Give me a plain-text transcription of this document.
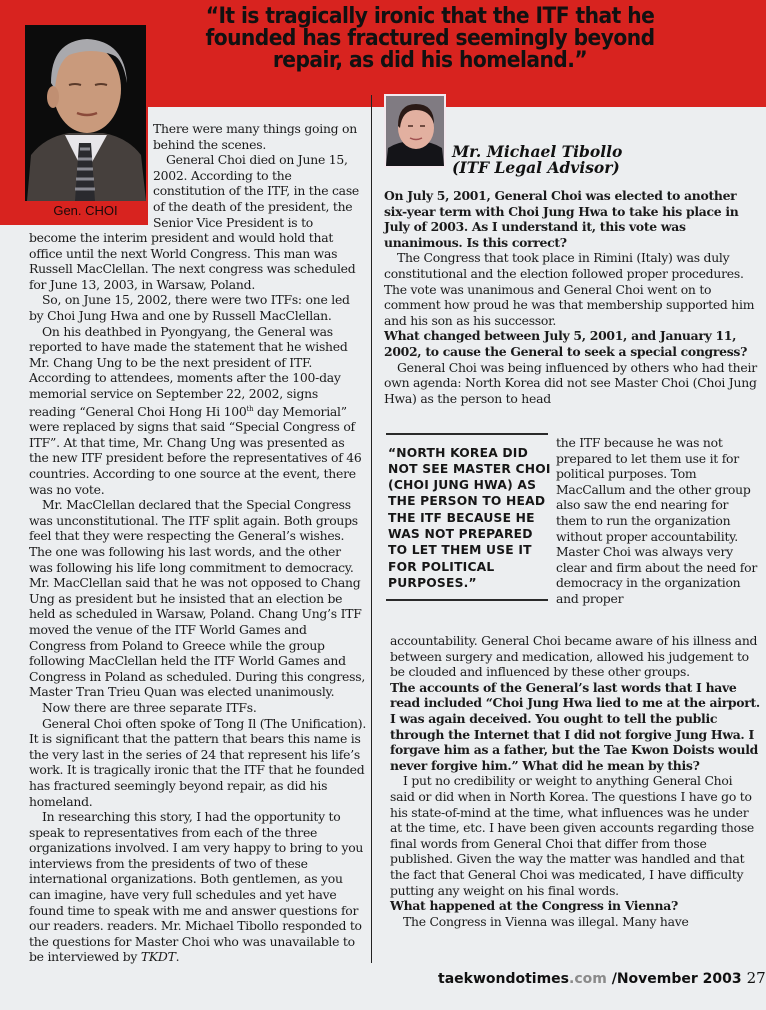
“It is tragically ironic that the ITF that he founded has fractured seemingly beyond repair, as did his homeland.”
Gen. CHOI
Mr. Michael Tibollo
(ITF Legal Advisor)

There were many things going on behind the scenes.

General Choi died on June 15, 2002. According to the constitution of the ITF, in the case of the death of the president, the Senior Vice President is to

become the interim president and would hold that office until the next World Congress. This man was Russell MacClellan. The next congress was scheduled for June 13, 2003, in Warsaw, Poland.

So, on June 15, 2002, there were two ITFs: one led by Choi Jung Hwa and one by Russell MacClellan.

On his deathbed in Pyongyang, the General was reported to have made the statement that he wished Mr. Chang Ung to be the next president of ITF. According to attendees, moments after the 100-day memorial service on September 22, 2002, signs reading “General Choi Hong Hi 100th day Memorial” were replaced by signs that said “Special Congress of ITF”. At that time, Mr. Chang Ung was presented as the new ITF president before the representatives of 46 countries. According to one source at the event, there was no vote.

Mr. MacClellan declared that the Special Congress was unconstitutional. The ITF split again. Both groups feel that they were respecting the General’s wishes. The one was following his last words, and the other was following his life long commitment to democracy. Mr. MacClellan said that he was not opposed to Chang Ung as president but he insisted that an election be held as scheduled in Warsaw, Poland. Chang Ung’s ITF moved the venue of the ITF World Games and Congress from Poland to Greece while the group following MacClellan held the ITF World Games and Congress in Poland as scheduled. During this congress, Master Tran Trieu Quan was elected unanimously.

Now there are three separate ITFs.

General Choi often spoke of Tong Il (The Unification). It is significant that the pattern that bears this name is the very last in the series of 24 that represent his life’s work. It is tragically ironic that the ITF that he founded has fractured seemingly beyond repair, as did his homeland.

In researching this story, I had the opportunity to speak to representatives from each of the three organizations involved. I am very happy to bring to you interviews from the presidents of two of these international organizations. Both gentlemen, as you can imagine, have very full schedules and yet have found time to speak with me and answer questions for our readers. readers. Mr. Michael Tibollo responded to the questions for Master Choi who was unavailable to be interviewed by TKDT.

On July 5, 2001, General Choi was elected to another six-year term with Choi Jung Hwa to take his place in July of 2003. As I understand it, this vote was unanimous. Is this correct?

The Congress that took place in Rimini (Italy) was duly constitutional and the election followed proper procedures. The vote was unanimous and General Choi went on to comment how proud he was that membership supported him and his son as his successor.

What changed between July 5, 2001, and January 11, 2002, to cause the General to seek a special congress?

General Choi was being influenced by others who had their own agenda: North Korea did not see Master Choi (Choi Jung Hwa) as the person to head

“NORTH KOREA DID NOT SEE MASTER CHOI (CHOI JUNG HWA) AS THE PERSON TO HEAD THE ITF BECAUSE HE WAS NOT PREPARED TO LET THEM USE IT FOR POLITICAL PURPOSES.”

the ITF because he was not prepared to let them use it for political purposes. Tom MacCallum and the other group also saw the end nearing for them to run the organization without proper accountability. Master Choi was always very clear and firm about the need for democracy in the organization and proper

accountability. General Choi became aware of his illness and between surgery and medication, allowed his judgement to be clouded and influenced by these other groups.

The accounts of the General’s last words that I have read included “Choi Jung Hwa lied to me at the airport. I was again deceived. You ought to tell the public through the Internet that I did not forgive Jung Hwa. I forgave him as a father, but the Tae Kwon Doists would never forgive him.” What did he mean by this?

I put no credibility or weight to anything General Choi said or did when in North Korea. The questions I have go to his state-of-mind at the time, what influences was he under at the time, etc. I have been given accounts regarding those final words from General Choi that differ from those published. Given the way the matter was handled and that the fact that General Choi was medicated, I have difficulty putting any weight on his final words.

What happened at the Congress in Vienna?

The Congress in Vienna was illegal. Many have

taekwondotimes.com /November 2003 27
